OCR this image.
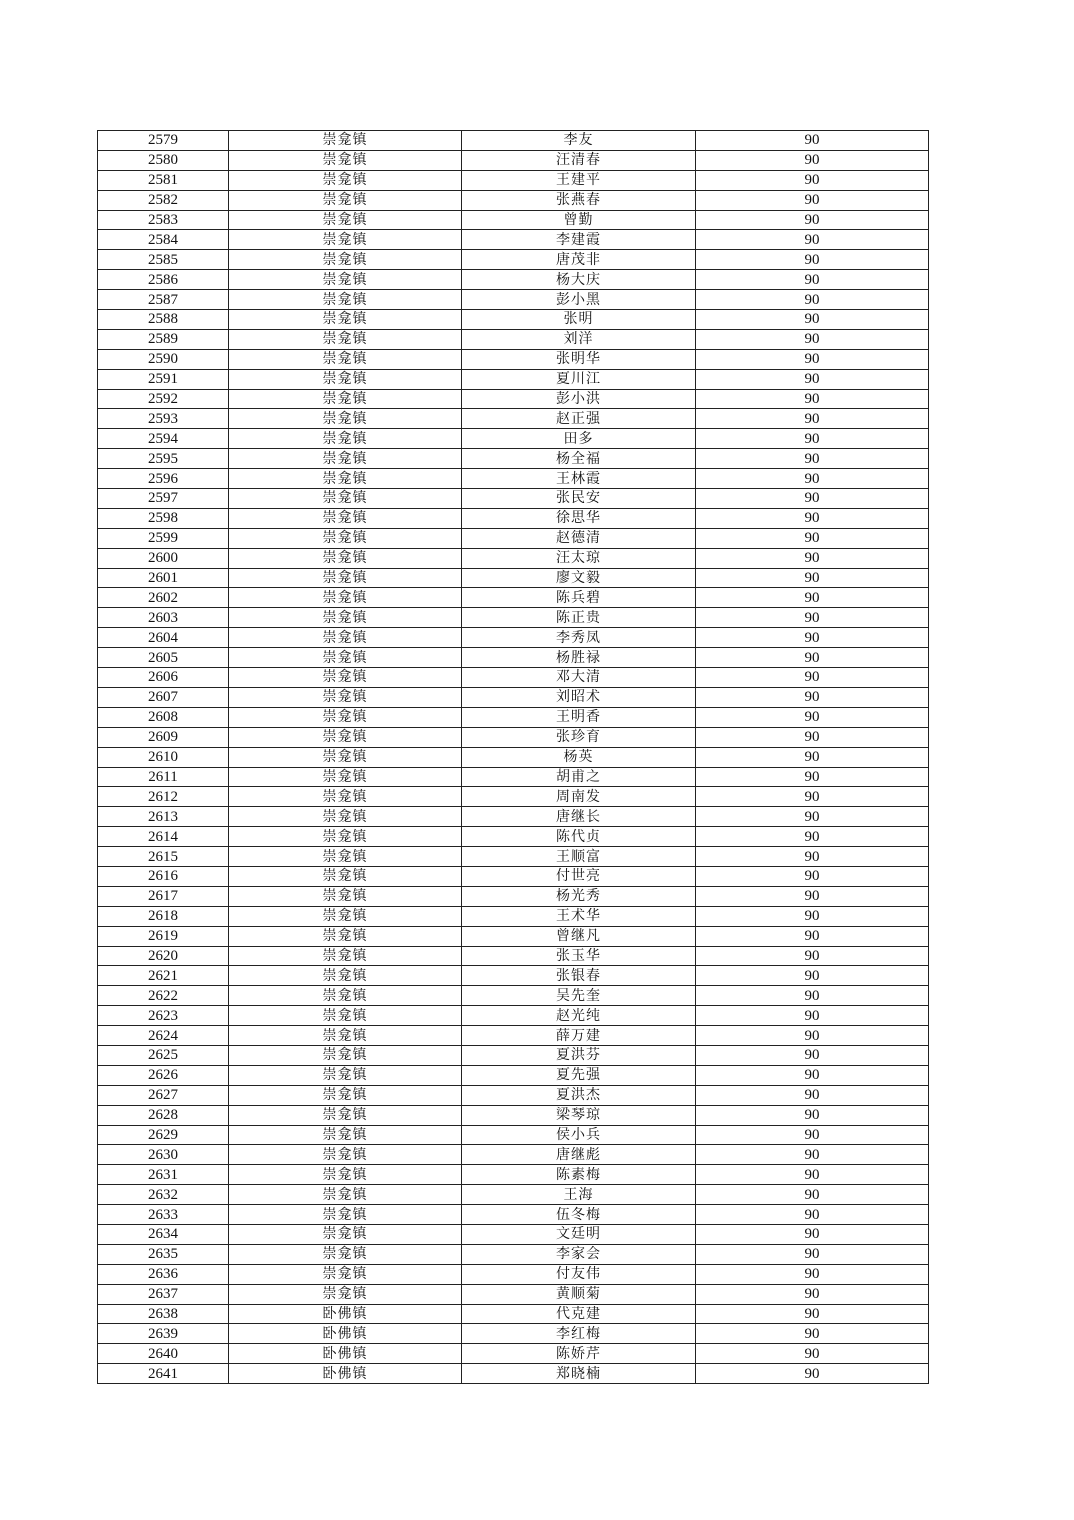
2579	崇龛镇	李友	90
2580	崇龛镇	汪清春	90
2581	崇龛镇	王建平	90
2582	崇龛镇	张燕春	90
2583	崇龛镇	曾勤	90
2584	崇龛镇	李建霞	90
2585	崇龛镇	唐茂非	90
2586	崇龛镇	杨大庆	90
2587	崇龛镇	彭小黑	90
2588	崇龛镇	张明	90
2589	崇龛镇	刘洋	90
2590	崇龛镇	张明华	90
2591	崇龛镇	夏川江	90
2592	崇龛镇	彭小洪	90
2593	崇龛镇	赵正强	90
2594	崇龛镇	田多	90
2595	崇龛镇	杨全福	90
2596	崇龛镇	王林霞	90
2597	崇龛镇	张民安	90
2598	崇龛镇	徐思华	90
2599	崇龛镇	赵德清	90
2600	崇龛镇	汪太琼	90
2601	崇龛镇	廖文毅	90
2602	崇龛镇	陈兵碧	90
2603	崇龛镇	陈正贵	90
2604	崇龛镇	李秀凤	90
2605	崇龛镇	杨胜禄	90
2606	崇龛镇	邓大清	90
2607	崇龛镇	刘昭术	90
2608	崇龛镇	王明香	90
2609	崇龛镇	张珍育	90
2610	崇龛镇	杨英	90
2611	崇龛镇	胡甫之	90
2612	崇龛镇	周南发	90
2613	崇龛镇	唐继长	90
2614	崇龛镇	陈代贞	90
2615	崇龛镇	王顺富	90
2616	崇龛镇	付世亮	90
2617	崇龛镇	杨光秀	90
2618	崇龛镇	王术华	90
2619	崇龛镇	曾继凡	90
2620	崇龛镇	张玉华	90
2621	崇龛镇	张银春	90
2622	崇龛镇	吴先奎	90
2623	崇龛镇	赵光纯	90
2624	崇龛镇	薛万建	90
2625	崇龛镇	夏洪芬	90
2626	崇龛镇	夏先强	90
2627	崇龛镇	夏洪杰	90
2628	崇龛镇	梁琴琼	90
2629	崇龛镇	侯小兵	90
2630	崇龛镇	唐继彪	90
2631	崇龛镇	陈素梅	90
2632	崇龛镇	王海	90
2633	崇龛镇	伍冬梅	90
2634	崇龛镇	文廷明	90
2635	崇龛镇	李家会	90
2636	崇龛镇	付友伟	90
2637	崇龛镇	黄顺菊	90
2638	卧佛镇	代克建	90
2639	卧佛镇	李红梅	90
2640	卧佛镇	陈娇芹	90
2641	卧佛镇	郑晓楠	90
